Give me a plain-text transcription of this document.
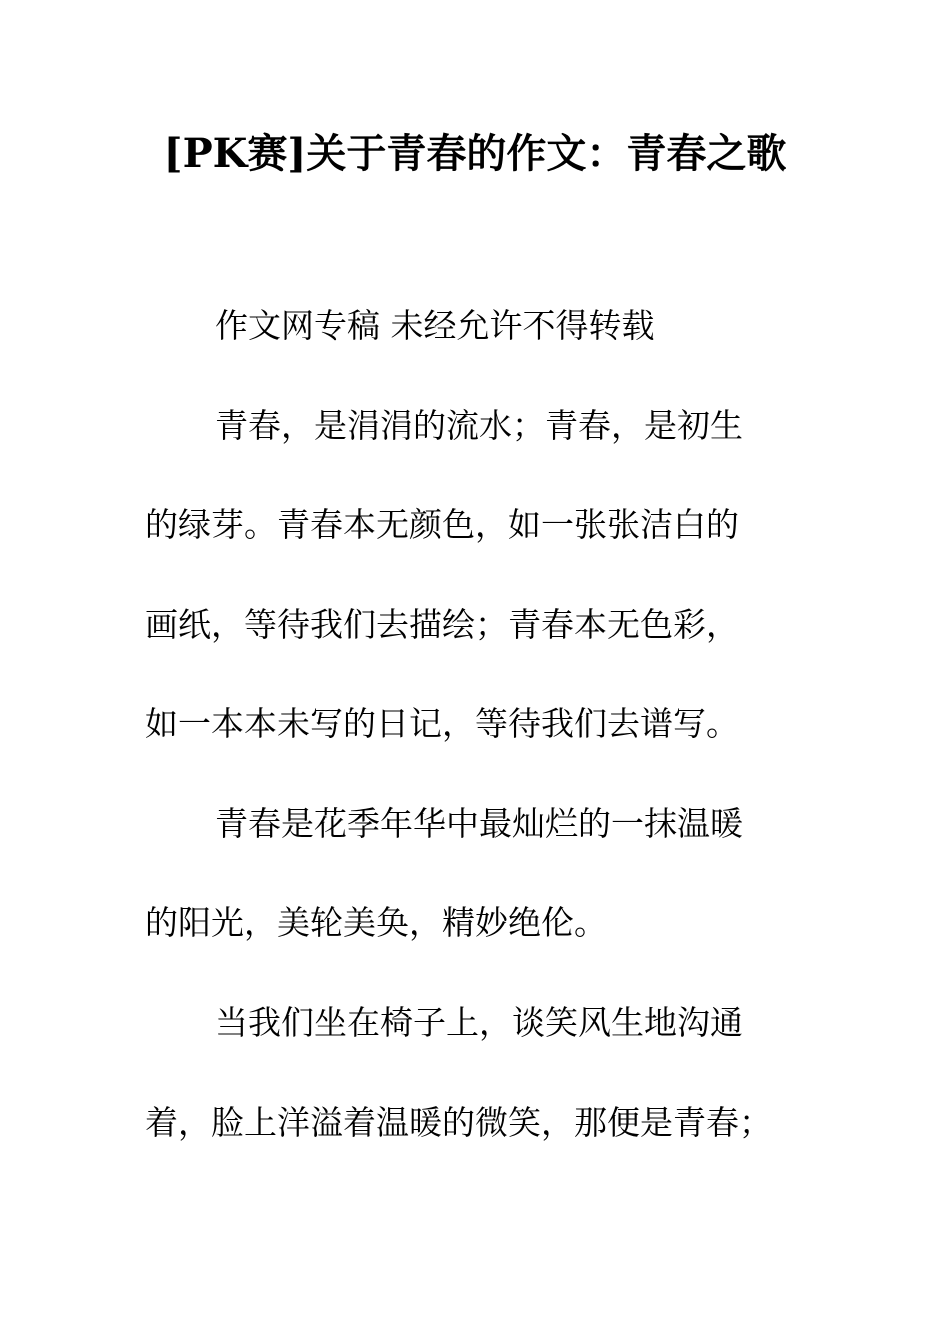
[PK赛]关于青春的作文：青春之歌
作文网专稿 未经允许不得转载
青春，是涓涓的流水；青春，是初生
的绿芽。青春本无颜色，如一张张洁白的
画纸，等待我们去描绘；青春本无色彩，
如一本本未写的日记，等待我们去谱写。
青春是花季年华中最灿烂的一抹温暖
的阳光，美轮美奂，精妙绝伦。
当我们坐在椅子上，谈笑风生地沟通
着，脸上洋溢着温暖的微笑，那便是青春；
